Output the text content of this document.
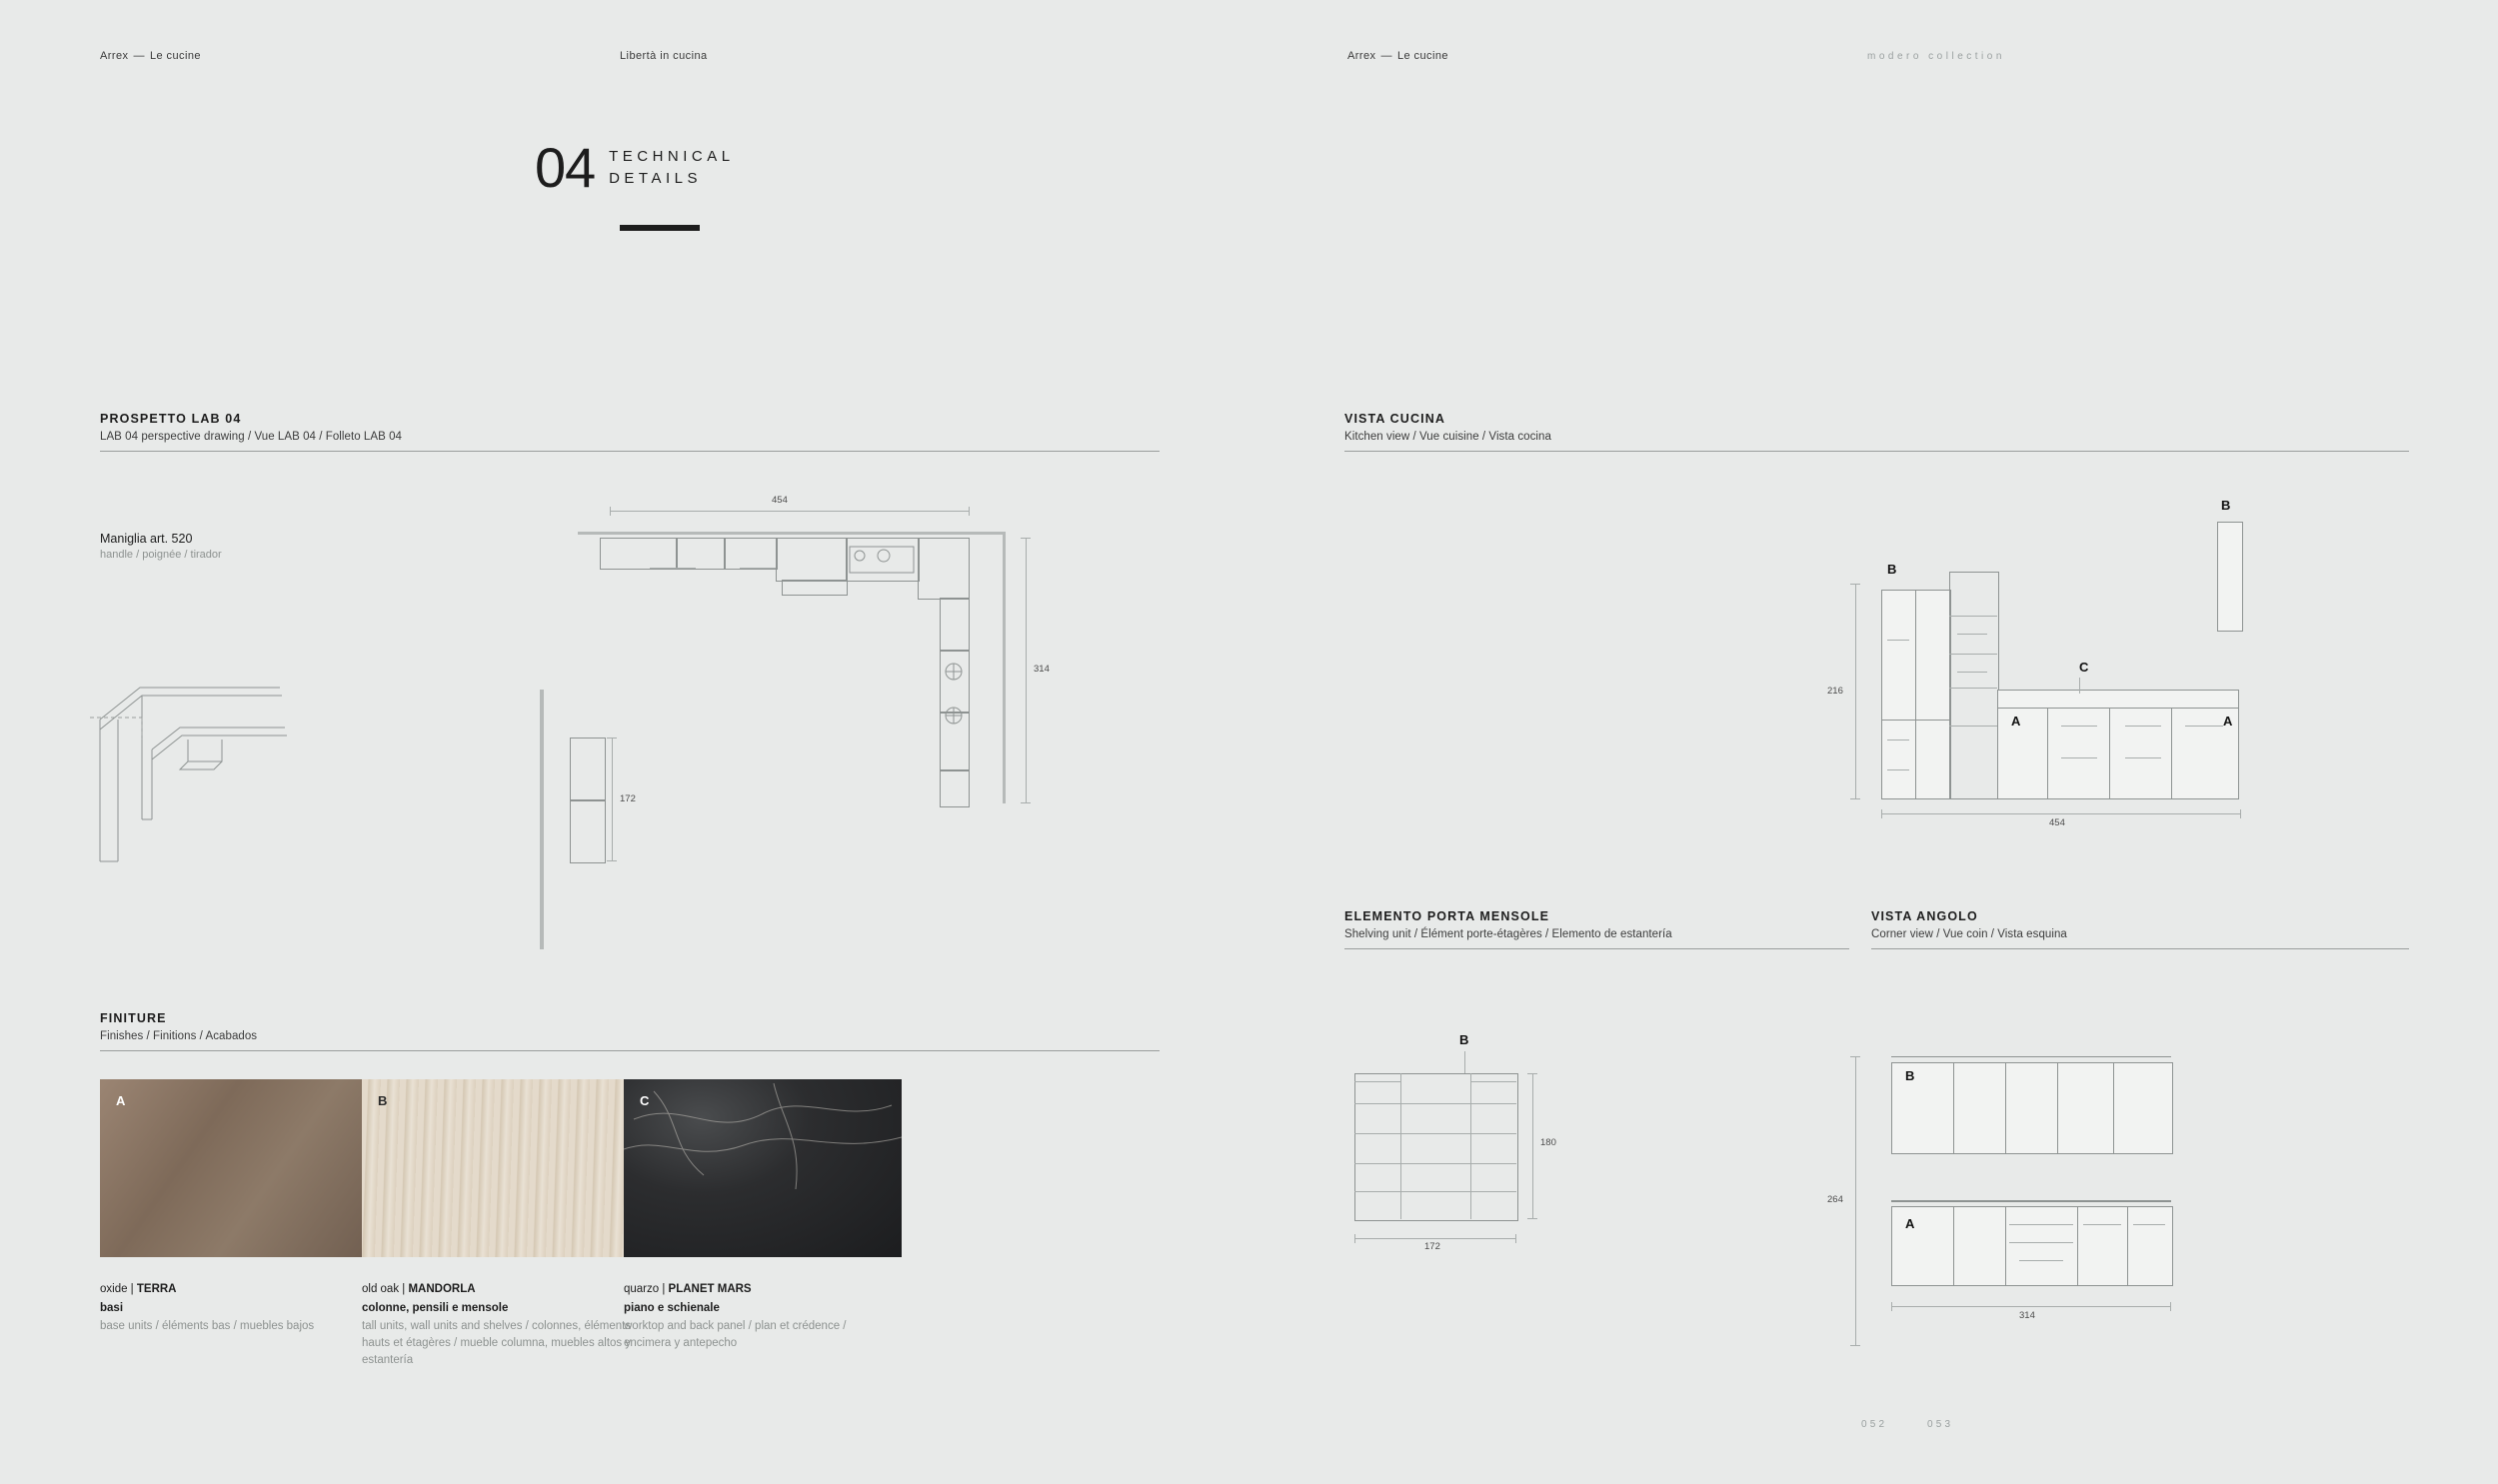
Arrex — Le cucine	Libertà in cucina	Arrex — Le cucine	modero collection
04 TECHNICAL
DETAILS
PROSPETTO LAB 04
LAB 04 perspective drawing / Vue LAB 04 / Folleto LAB 04
Maniglia art. 520
handle / poignée / tirador
454
314
172
FINITURE
Finishes / Finitions / Acabados
A
oxide | TERRA
basi
base units / éléments bas / muebles bajos
B
old oak | MANDORLA
colonne, pensili e mensole
tall units, wall units and shelves / colonnes, éléments hauts et étagères / mueble columna, muebles altos y estantería
C
quarzo | PLANET MARS
piano e schienale
worktop and back panel / plan et crédence / encimera y antepecho
VISTA CUCINA
Kitchen view / Vue cuisine / Vista cocina
216
B
C
A	A
B
454
ELEMENTO PORTA MENSOLE
Shelving unit / Élément porte-étagères / Elemento de estantería
B
180
172
VISTA ANGOLO
Corner view / Vue coin / Vista esquina
264
B
A
314
052	053
